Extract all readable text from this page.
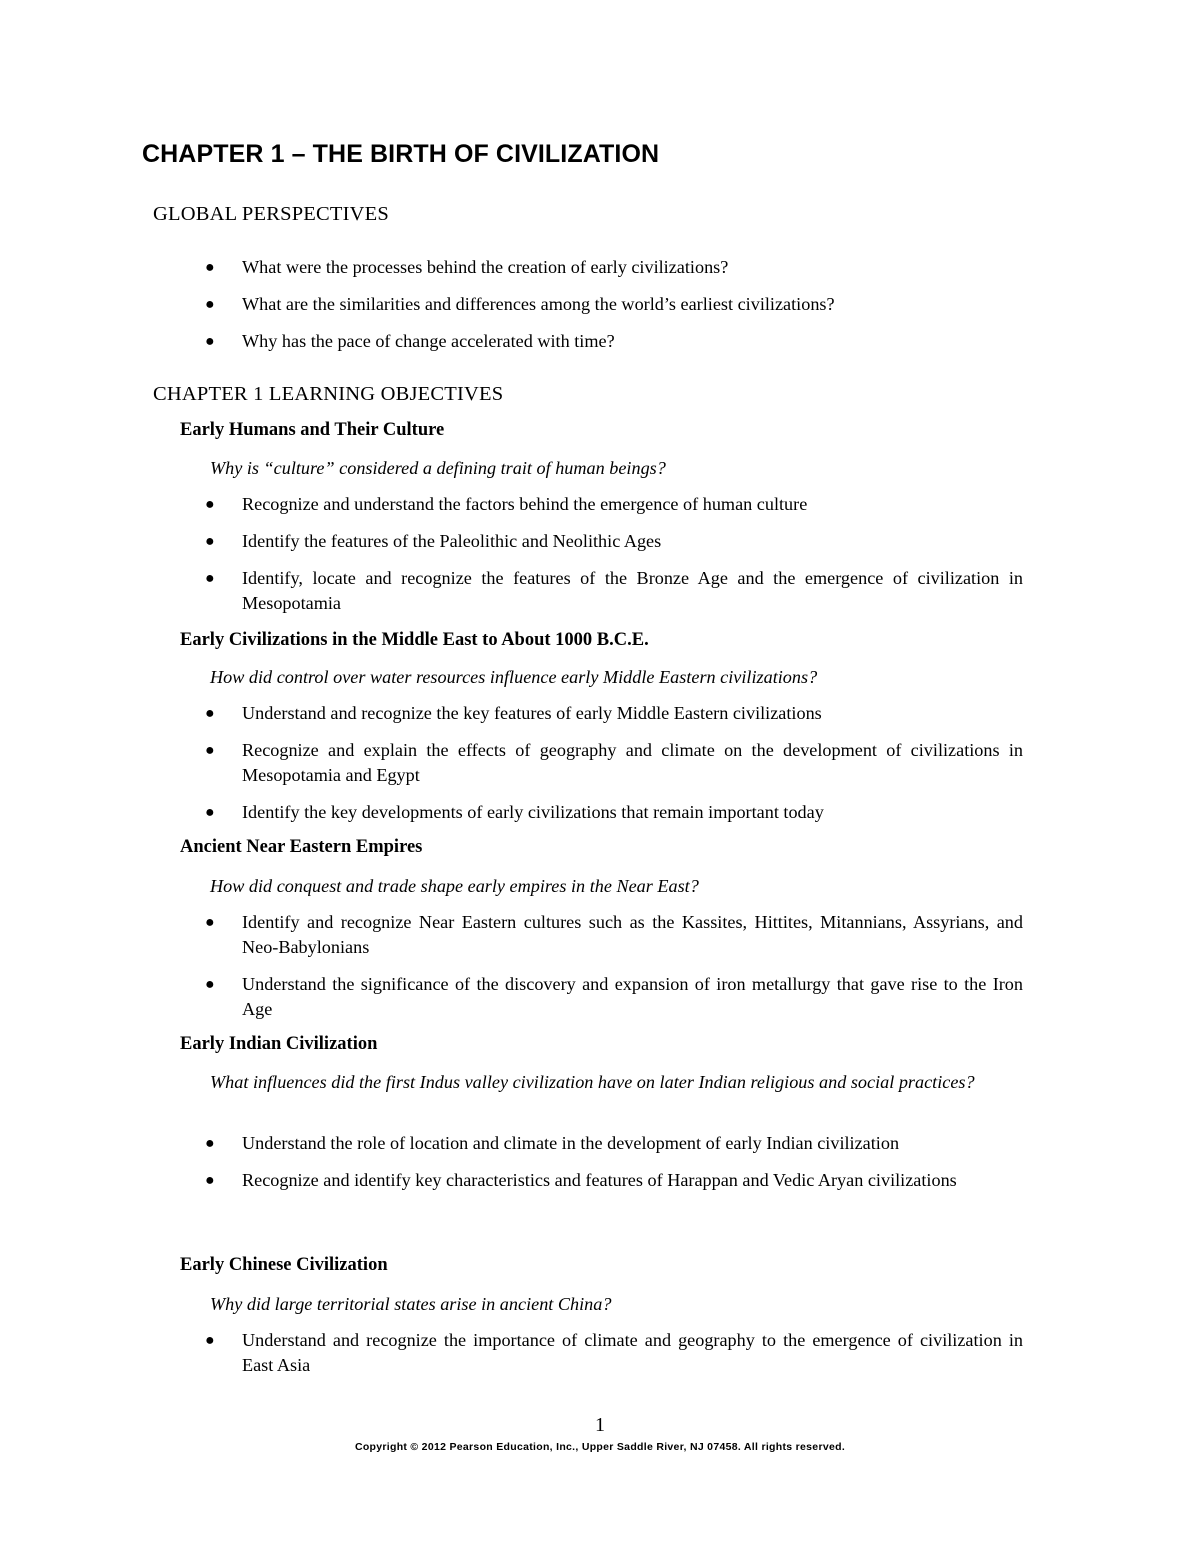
CHAPTER 1 – THE BIRTH OF CIVILIZATION
GLOBAL PERSPECTIVES
● What were the processes behind the creation of early civilizations?
● What are the similarities and differences among the world’s earliest civilizations?
● Why has the pace of change accelerated with time?
CHAPTER 1 LEARNING OBJECTIVES
Early Humans and Their Culture

Why is “culture” considered a defining trait of human beings?

● Recognize and understand the factors behind the emergence of human culture
● Identify the features of the Paleolithic and Neolithic Ages
● Identify, locate and recognize the features of the Bronze Age and the emergence of civilization in Mesopotamia
Early Civilizations in the Middle East to About 1000 B.C.E.

How did control over water resources influence early Middle Eastern civilizations?

● Understand and recognize the key features of early Middle Eastern civilizations
● Recognize and explain the effects of geography and climate on the development of civilizations in Mesopotamia and Egypt
● Identify the key developments of early civilizations that remain important today
Ancient Near Eastern Empires

How did conquest and trade shape early empires in the Near East?

● Identify and recognize Near Eastern cultures such as the Kassites, Hittites, Mitannians, Assyrians, and Neo-Babylonians
● Understand the significance of the discovery and expansion of iron metallurgy that gave rise to the Iron Age
Early Indian Civilization

What influences did the first Indus valley civilization have on later Indian religious and social practices?

● Understand the role of location and climate in the development of early Indian civilization
● Recognize and identify key characteristics and features of Harappan and Vedic Aryan civilizations
Early Chinese Civilization

Why did large territorial states arise in ancient China?

● Understand and recognize the importance of climate and geography to the emergence of civilization in East Asia
1
Copyright © 2012 Pearson Education, Inc., Upper Saddle River, NJ 07458. All rights reserved.
